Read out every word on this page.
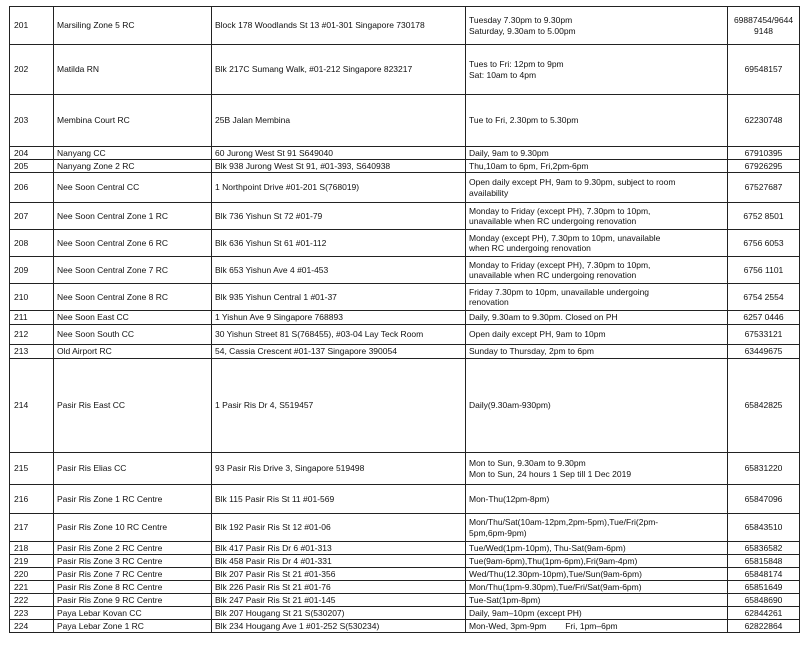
201	Marsiling Zone 5 RC	Block 178 Woodlands St 13 #01-301 Singapore 730178	Tuesday 7.30pm to 9.30pm
Saturday, 9.30am to 5.00pm	69887454/9644
9148

202	Matilda RN	Blk 217C Sumang Walk, #01-212 Singapore 823217	Tues to Fri: 12pm to 9pm
Sat: 10am to 4pm	69548157

203	Membina Court RC	25B Jalan Membina	Tue to Fri, 2.30pm to 5.30pm	62230748

204	Nanyang CC	60 Jurong West St 91 S649040	Daily, 9am to 9.30pm	67910395

205	Nanyang Zone 2 RC	Blk 938 Jurong West St 91, #01-393, S640938	Thu,10am to 6pm, Fri,2pm-6pm	67926295

206	Nee Soon Central CC	1 Northpoint Drive #01-201 S(768019)	Open daily except PH, 9am to 9.30pm, subject to room
availability	67527687

207	Nee Soon Central Zone 1 RC	Blk 736 Yishun St 72 #01-79	Monday to Friday (except PH), 7.30pm to 10pm,
unavailable when RC undergoing renovation	6752 8501

208	Nee Soon Central Zone 6 RC	Blk 636 Yishun St 61 #01-112	Monday (except PH), 7.30pm to 10pm, unavailable
when RC undergoing renovation	6756 6053

209	Nee Soon Central Zone 7 RC	Blk 653 Yishun Ave 4 #01-453	Monday to Friday (except PH), 7.30pm to 10pm,
unavailable when RC undergoing renovation	6756 1101

210	Nee Soon Central Zone 8 RC	Blk 935 Yishun Central 1 #01-37	Friday 7.30pm to 10pm, unavailable undergoing
renovation	6754 2554

211	Nee Soon East CC	1 Yishun Ave 9 Singapore 768893	Daily, 9.30am to 9.30pm. Closed on PH	6257 0446

212	Nee Soon South CC	30 Yishun Street 81 S(768455), #03-04 Lay Teck Room	Open daily except PH, 9am to 10pm	67533121

213	Old Airport RC	54, Cassia Crescent #01-137 Singapore 390054	Sunday to Thursday, 2pm to 6pm	63449675

214	Pasir Ris East CC	1 Pasir Ris Dr 4, S519457	Daily(9.30am-930pm)	65842825

215	Pasir Ris Elias CC	93 Pasir Ris Drive 3, Singapore 519498	Mon to Sun, 9.30am to 9.30pm
Mon to Sun, 24 hours 1 Sep till 1 Dec 2019	65831220

216	Pasir Ris Zone 1 RC Centre	Blk 115 Pasir Ris St 11 #01-569	Mon-Thu(12pm-8pm)	65847096

217	Pasir Ris Zone 10 RC Centre	Blk 192 Pasir Ris St 12 #01-06	Mon/Thu/Sat(10am-12pm,2pm-5pm),Tue/Fri(2pm-
5pm,6pm-9pm)	65843510

218	Pasir Ris Zone 2 RC Centre	Blk 417 Pasir Ris Dr 6 #01-313	Tue/Wed(1pm-10pm), Thu-Sat(9am-6pm)	65836582

219	Pasir Ris Zone 3 RC Centre	Blk 458 Pasir Ris Dr 4 #01-331	Tue(9am-6pm),Thu(1pm-6pm),Fri(9am-4pm)	65815848

220	Pasir Ris Zone 7 RC Centre	Blk 207 Pasir Ris St 21 #01-356	Wed/Thu(12.30pm-10pm),Tue/Sun(9am-6pm)	65848174

221	Pasir Ris Zone 8 RC Centre	Blk 226 Pasir Ris St 21 #01-76	Mon/Thu(1pm-9.30pm),Tue/Fri/Sat(9am-6pm)	65851649

222	Pasir Ris Zone 9 RC Centre	Blk 247 Pasir Ris St 21 #01-145	Tue-Sat(1pm-8pm)	65848690

223	Paya Lebar Kovan CC	Blk 207 Hougang St 21 S(530207)	Daily, 9am–10pm (except PH)	62844261

224	Paya Lebar Zone 1 RC	Blk 234 Hougang Ave 1 #01-252 S(530234)	Mon-Wed, 3pm-9pm        Fri, 1pm–6pm	62822864
